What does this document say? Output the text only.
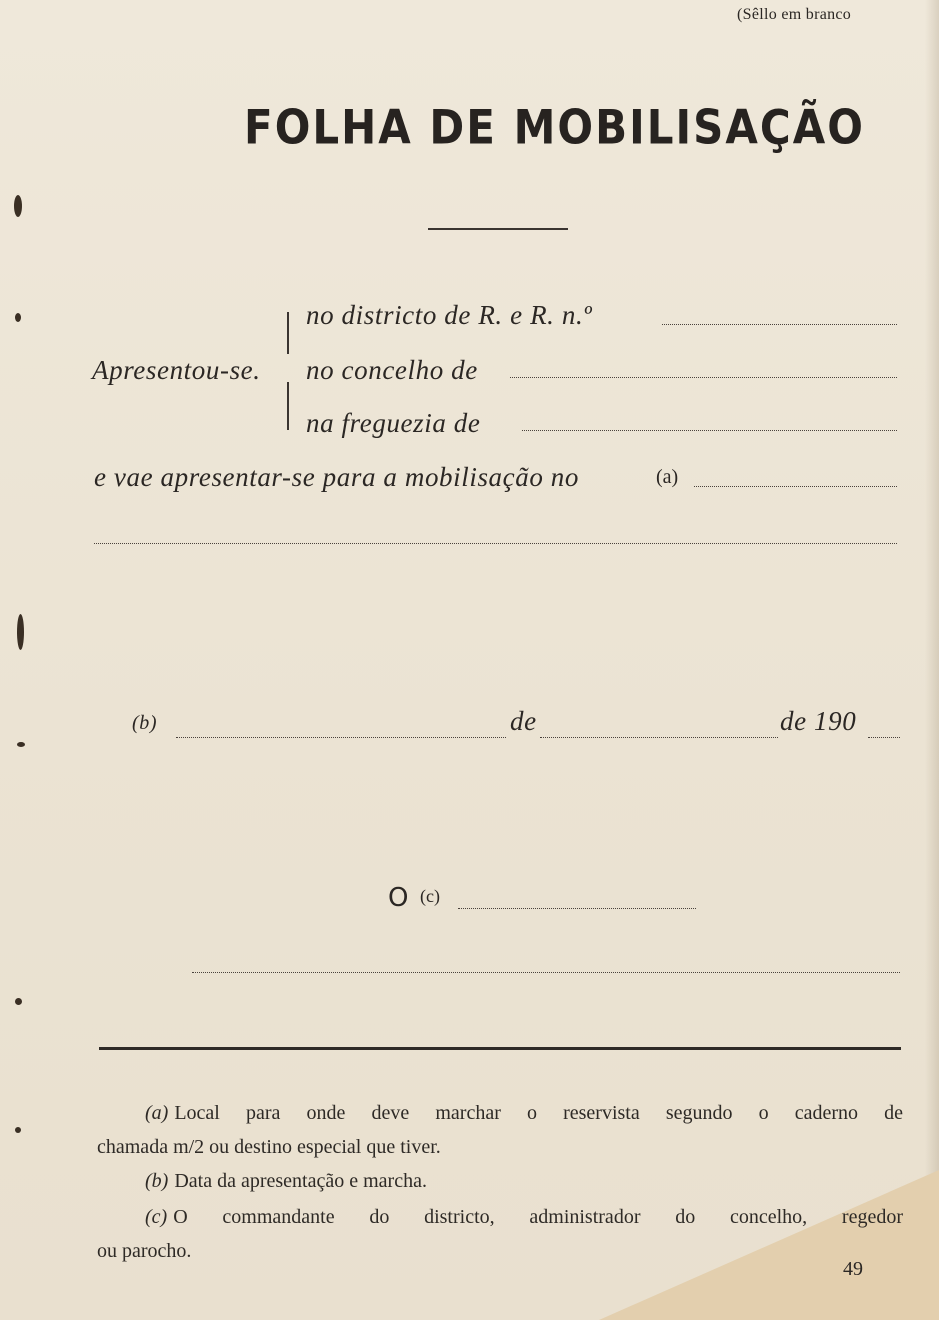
(Sêllo em branco
FOLHA DE MOBILISAÇÃO
Apresentou-se.
no districto de R. e R. n.º
no concelho de
na freguezia de
e vae apresentar-se para a mobilisação no	(a)
(b)	de	de 190
O (c)
(a) Local para onde deve marchar o reservista segundo o caderno de
chamada m/2 ou destino especial que tiver.
(b) Data da apresentação e marcha.
(c) O commandante do districto, administrador do concelho, regedor
ou parocho.
49
